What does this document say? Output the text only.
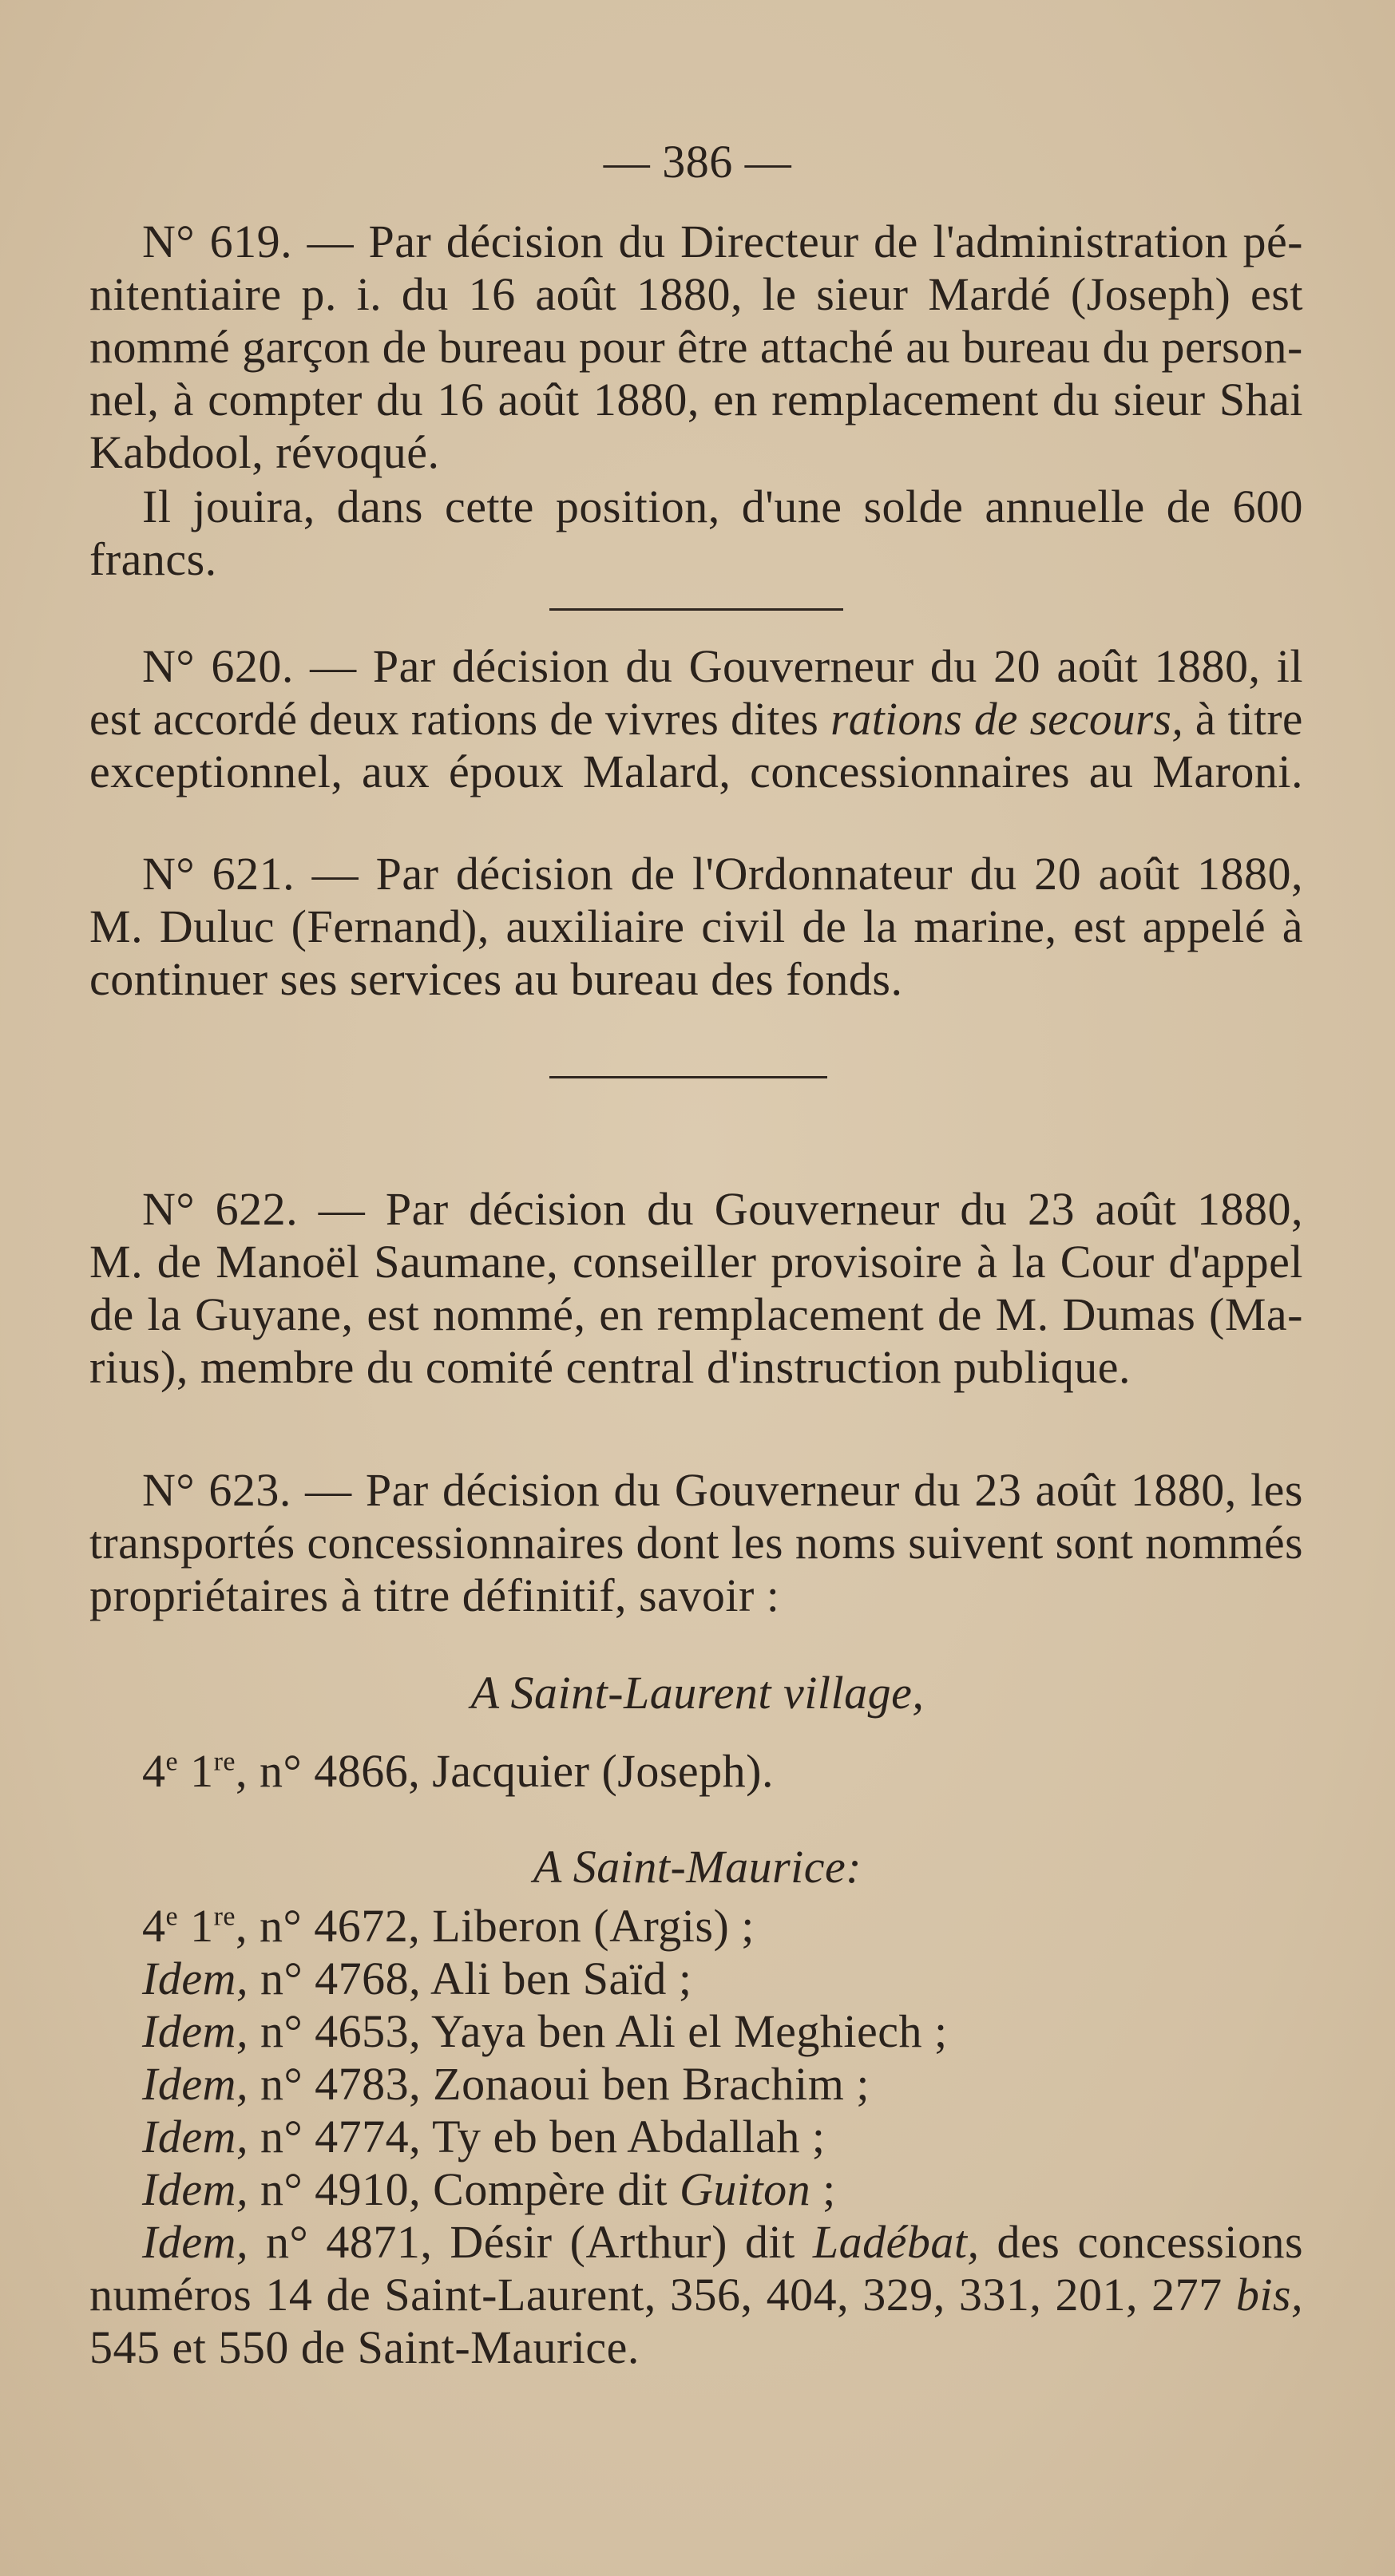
— 386 —
N° 619. — Par décision du Directeur de l'administration pé-
nitentiaire p. i. du 16 août 1880, le sieur Mardé (Joseph) est
nommé garçon de bureau pour être attaché au bureau du person-
nel, à compter du 16 août 1880, en remplacement du sieur Shai
Kabdool, révoqué.
Il jouira, dans cette position, d'une solde annuelle de 600
francs.
N° 620. — Par décision du Gouverneur du 20 août 1880, il
est accordé deux rations de vivres dites rations de secours, à titre
exceptionnel, aux époux Malard, concessionnaires au Maroni.
N° 621. — Par décision de l'Ordonnateur du 20 août 1880,
M. Duluc (Fernand), auxiliaire civil de la marine, est appelé à
continuer ses services au bureau des fonds.
N° 622. — Par décision du Gouverneur du 23 août 1880,
M. de Manoël Saumane, conseiller provisoire à la Cour d'appel
de la Guyane, est nommé, en remplacement de M. Dumas (Ma-
rius), membre du comité central d'instruction publique.
N° 623. — Par décision du Gouverneur du 23 août 1880, les
transportés concessionnaires dont les noms suivent sont nommés
propriétaires à titre définitif, savoir :
A Saint-Laurent village,
4e 1re, n° 4866, Jacquier (Joseph).
A Saint-Maurice:
4e 1re, n° 4672, Liberon (Argis) ;
Idem, n° 4768, Ali ben Saïd ;
Idem, n° 4653, Yaya ben Ali el Meghiech ;
Idem, n° 4783, Zonaoui ben Brachim ;
Idem, n° 4774, Ty eb ben Abdallah ;
Idem, n° 4910, Compère dit Guiton ;
Idem, n° 4871, Désir (Arthur) dit Ladébat, des concessions
numéros 14 de Saint-Laurent, 356, 404, 329, 331, 201, 277 bis,
545 et 550 de Saint-Maurice.
